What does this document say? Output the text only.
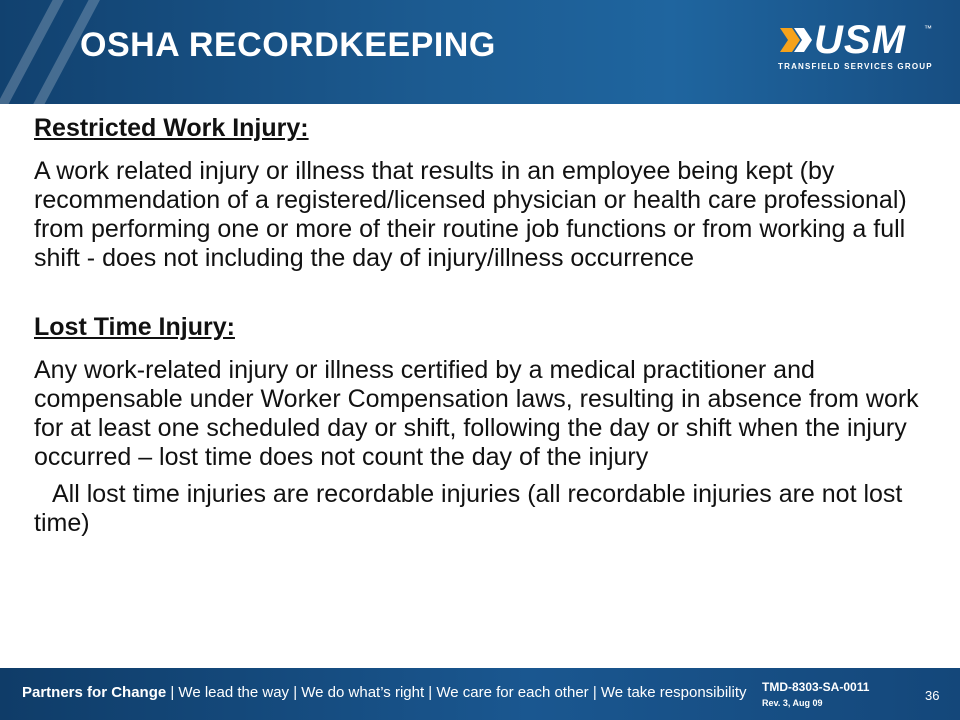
OSHA RECORDKEEPING	USM ™
TRANSFIELD SERVICES GROUP

Restricted Work Injury:

A work related injury or illness that results in an employee being kept (by recommendation of a registered/licensed physician or health care professional) from performing one or more of their routine job functions or from working a full shift - does not including the day of injury/illness occurrence

Lost Time Injury:

Any work-related injury or illness certified by a medical practitioner and compensable under Worker Compensation laws, resulting in absence from work for at least one scheduled day or shift, following the day or shift when the injury occurred – lost time does not count the day of the injury

All lost time injuries are recordable injuries (all recordable injuries are not lost time)

Partners for Change | We lead the way | We do what’s right | We care for each other | We take responsibility TMD-8303-SA-0011
Rev. 3, Aug 09	36
